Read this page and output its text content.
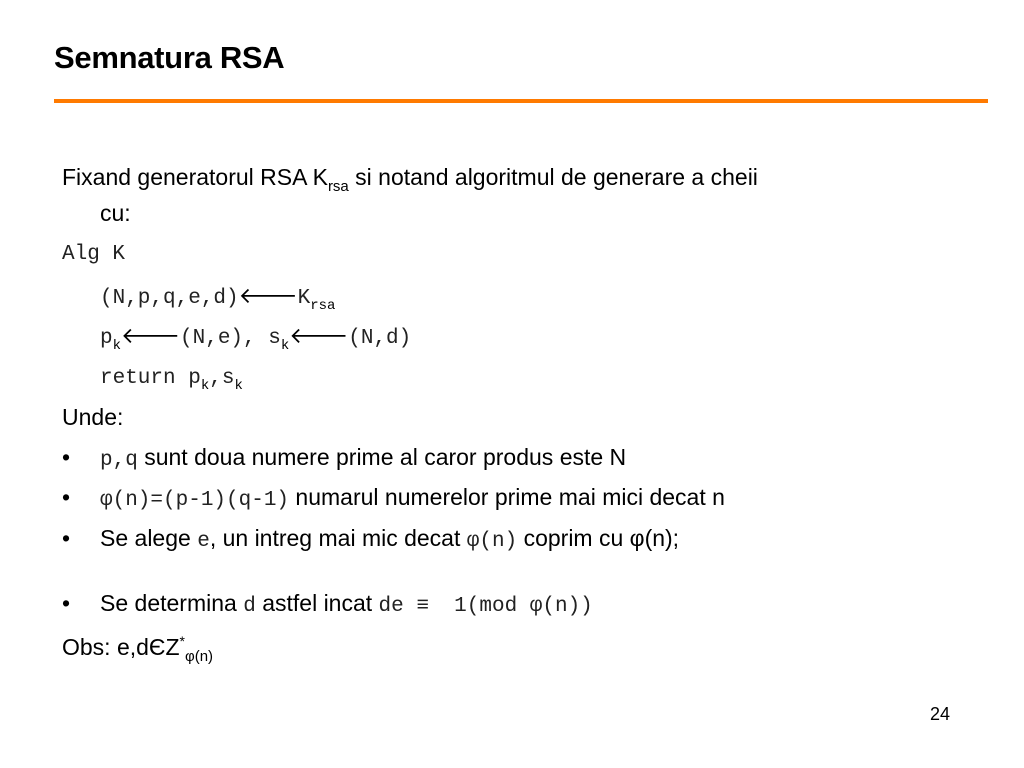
Semnatura RSA
Fixand generatorul RSA $K_{rsa}$ si notand algoritmul de generare a cheii
cu:
Alg K
$(N,p,q,e,d)🡐K_{rsa}$
$p_k🡐(N,e)$, $s_k🡐(N,d)$
return $p_k,s_k$
Unde:
• p,q sunt doua numere prime al caror produs este N
• φ(n)=(p-1)(q-1) numarul numerelor prime mai mici decat n
• Se alege e, un intreg mai mic decat φ(n) coprim cu φ(n);
• Se determina d astfel incat de ≡  1(mod φ(n))
Obs: e,dЄZ*$_{\varphi(n)}$
24
